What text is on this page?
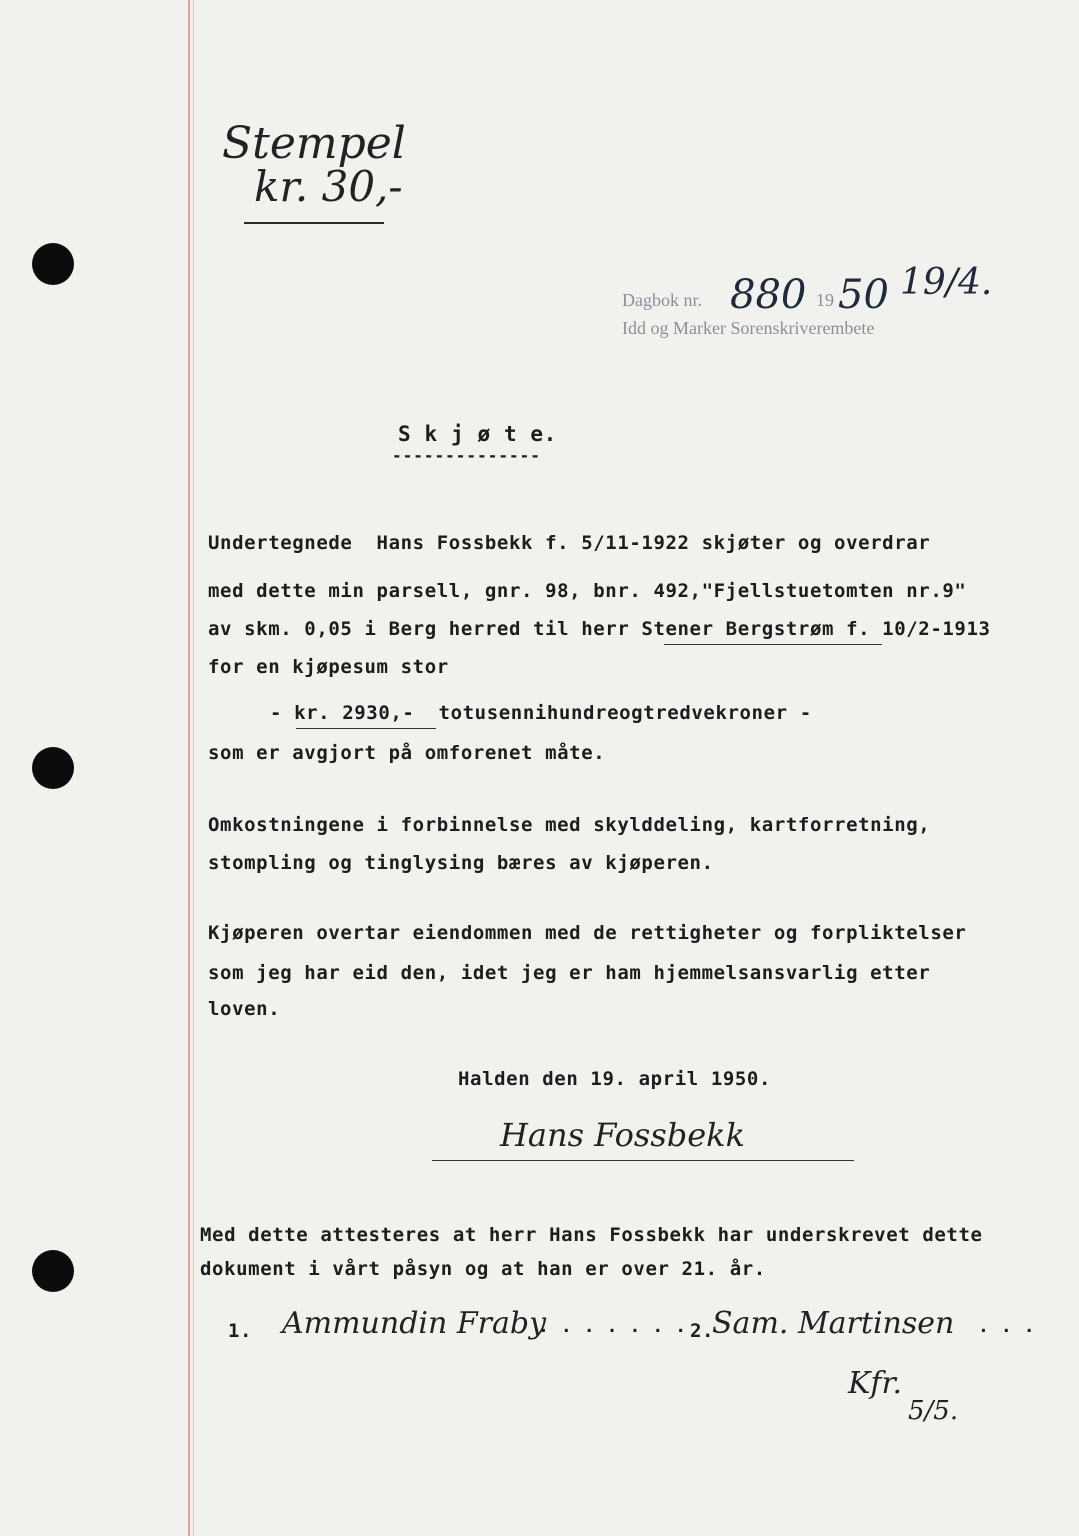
Stempel
kr. 30,-
Dagbok nr. 880 19 50 19/4.
Idd og Marker Sorenskriverembete
S k j ø t e.
--------------
Undertegnede  Hans Fossbekk f. 5/11-1922 skjøter og overdrar
med dette min parsell, gnr. 98, bnr. 492,"Fjellstuetomten nr.9"
av skm. 0,05 i Berg herred til herr Stener Bergstrøm f. 10/2-1913
for en kjøpesum stor
- kr. 2930,-  totusennihundreogtredvekroner -
som er avgjort på omforenet måte.
Omkostningene i forbinnelse med skylddeling, kartforretning,
stompling og tinglysing bæres av kjøperen.
Kjøperen overtar eiendommen med de rettigheter og forpliktelser
som jeg har eid den, idet jeg er ham hjemmelsansvarlig etter
loven.
Halden den 19. april 1950.
Hans Fossbekk
Med dette attesteres at herr Hans Fossbekk har underskrevet dette
dokument i vårt påsyn og at han er over 21. år.
1. Ammundin Fraby
. . . . . . . 2.
Sam. Martinsen . . .
Kfr.
5/5.
